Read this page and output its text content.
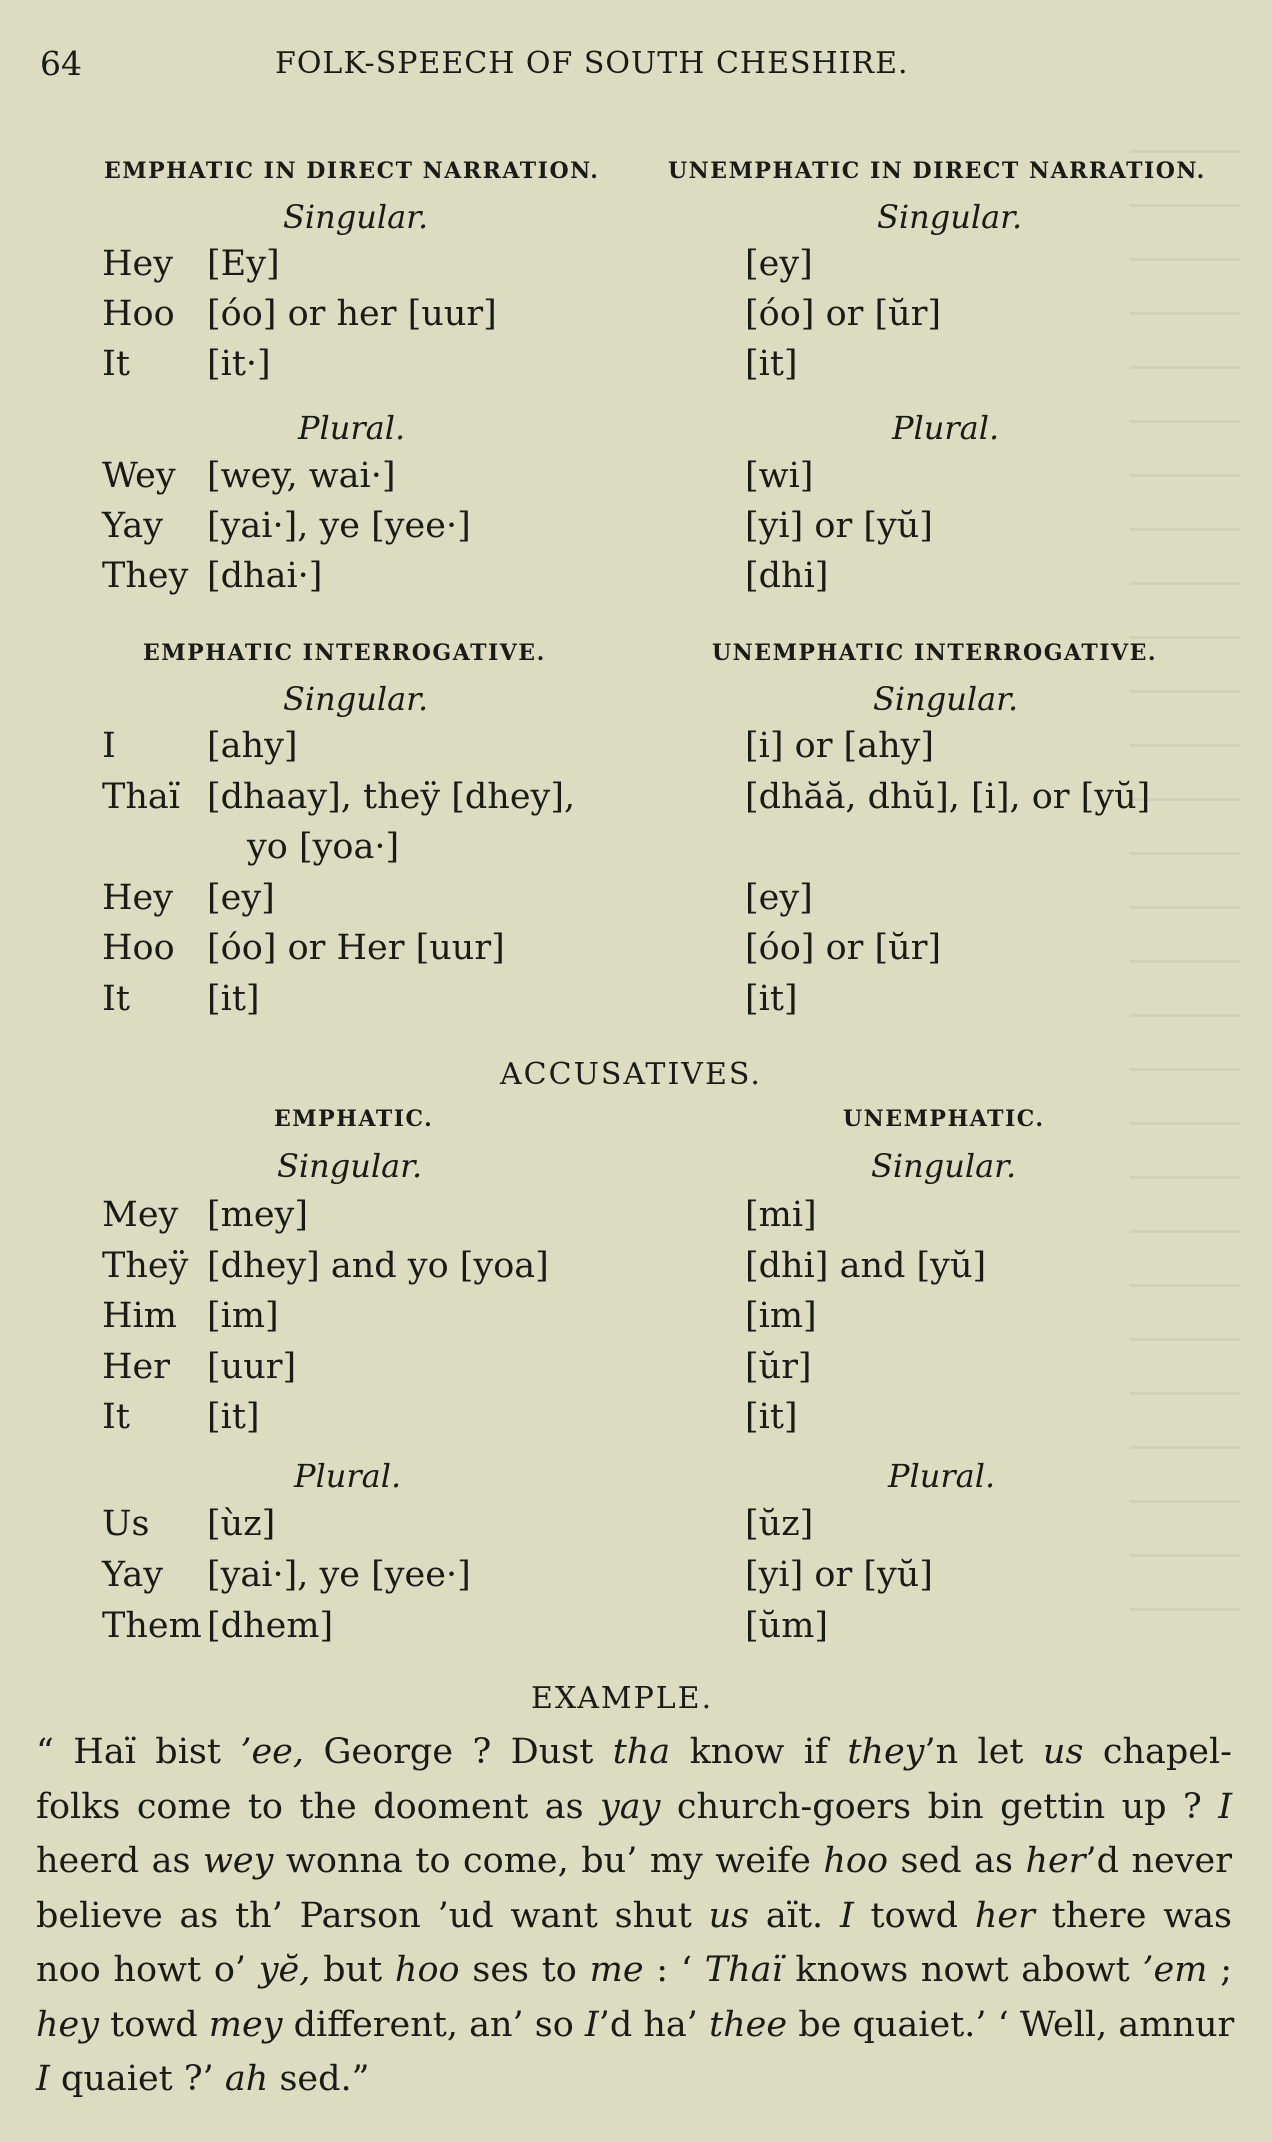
64	FOLK-SPEECH OF SOUTH CHESHIRE.
EMPHATIC IN DIRECT NARRATION.	UNEMPHATIC IN DIRECT NARRATION.
Singular.	Singular.
Hey [Ey]	[ey]
Hoo [óo] or her [uur]	[óo] or [ŭr]
It [it·]	[it]
Plural.	Plural.
Wey [wey, wai·]	[wi]
Yay [yai·], ye [yee·]	[yi] or [yŭ]
They [dhai·]	[dhi]
EMPHATIC INTERROGATIVE.	UNEMPHATIC INTERROGATIVE.
Singular.	Singular.
I	[ahy]	[i] or [ahy]
Thaï [dhaay], theÿ [dhey],	[dhăă, dhŭ], [i], or [yŭ]
yo [yoa·]
Hey [ey]	[ey]
Hoo [óo] or Her [uur]	[óo] or [ŭr]
It [it]	[it]
ACCUSATIVES.
EMPHATIC.	UNEMPHATIC.
Singular.	Singular.
Mey [mey]	[mi]
Theÿ [dhey] and yo [yoa]	[dhi] and [yŭ]
Him [im]	[im]
Her [uur]	[ŭr]
It [it]	[it]
Plural.	Plural.
Us [ùz]	[ŭz]
Yay [yai·], ye [yee·]	[yi] or [yŭ]
Them [dhem]	[ŭm]
EXAMPLE.
“ Haï bist ’ee, George ? Dust tha know if they’n let us chapel-
folks come to the dooment as yay church-goers bin gettin up ? I
heerd as wey wonna to come, bu’ my weife hoo sed as her’d never
believe as th’ Parson ’ud want shut us aït. I towd her there was
noo howt o’ yĕ, but hoo ses to me : ‘ Thaï knows nowt abowt ’em ;
hey towd mey different, an’ so I’d ha’ thee be quaiet.’ ‘ Well, amnur
I quaiet ?’ ah sed.”
